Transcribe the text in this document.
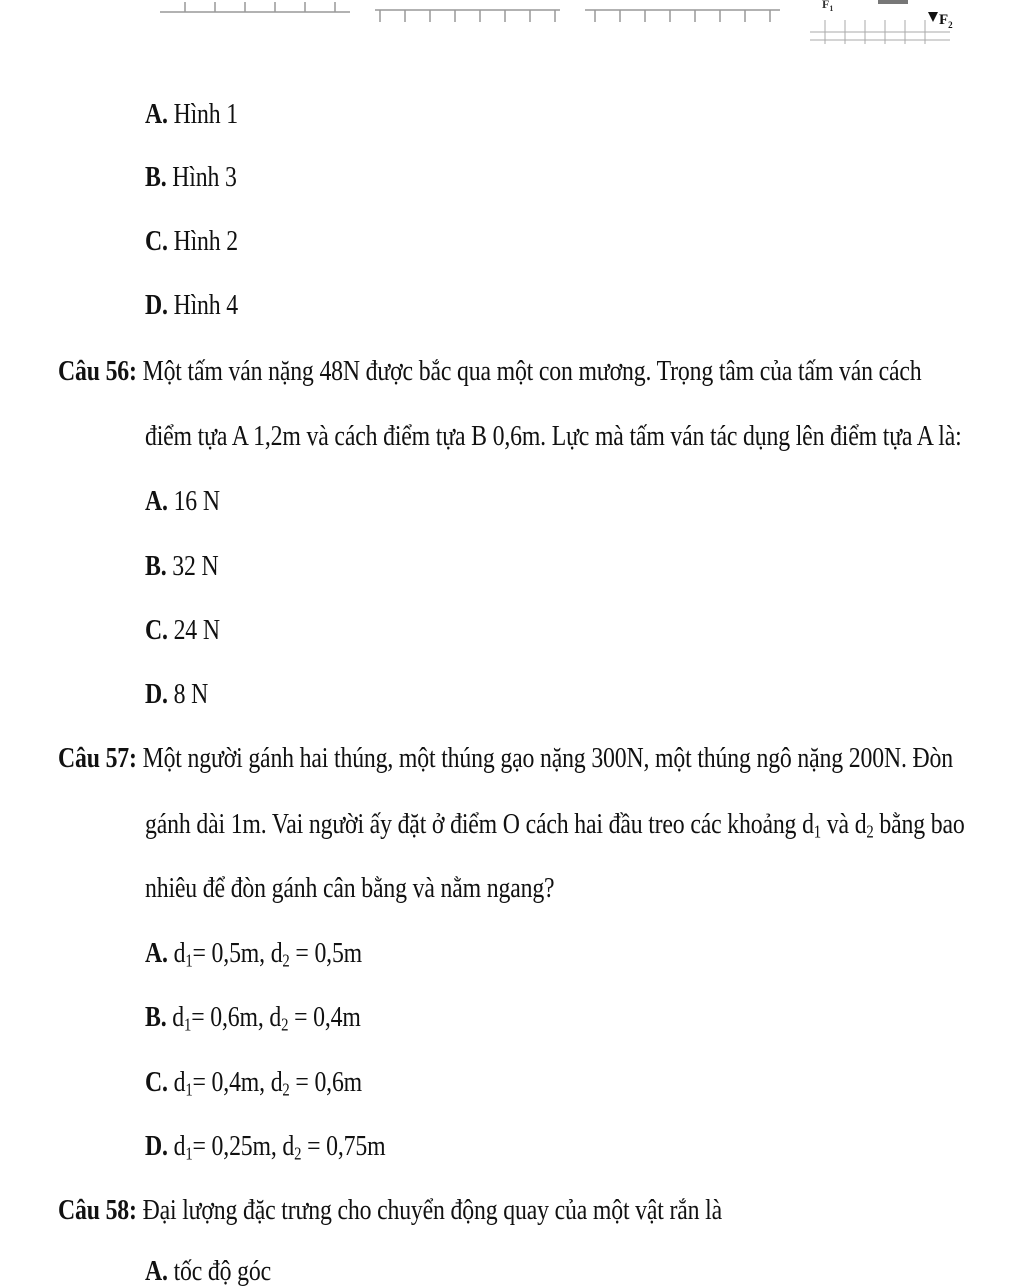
$F_1$
$F_2$
A. Hình 1
B. Hình 3
C. Hình 2
D. Hình 4
Câu 56: Một tấm ván nặng 48N được bắc qua một con mương. Trọng tâm của tấm ván cách
điểm tựa A 1,2m và cách điểm tựa B 0,6m. Lực mà tấm ván tác dụng lên điểm tựa A là:
A. 16 N
B. 32 N
C. 24 N
D. 8 N
Câu 57: Một người gánh hai thúng, một thúng gạo nặng 300N, một thúng ngô nặng 200N. Đòn
gánh dài 1m. Vai người ấy đặt ở điểm O cách hai đầu treo các khoảng $d_1$ và $d_2$ bằng bao
nhiêu để đòn gánh cân bằng và nằm ngang?
A. $d_1= 0,5m$, $d_2 = 0,5m$
B. $d_1= 0,6m$, $d_2 = 0,4m$
C. $d_1= 0,4m$, $d_2 = 0,6m$
D. $d_1= 0,25m$, $d_2 = 0,75m$
Câu 58: Đại lượng đặc trưng cho chuyển động quay của một vật rắn là
A. tốc độ góc
